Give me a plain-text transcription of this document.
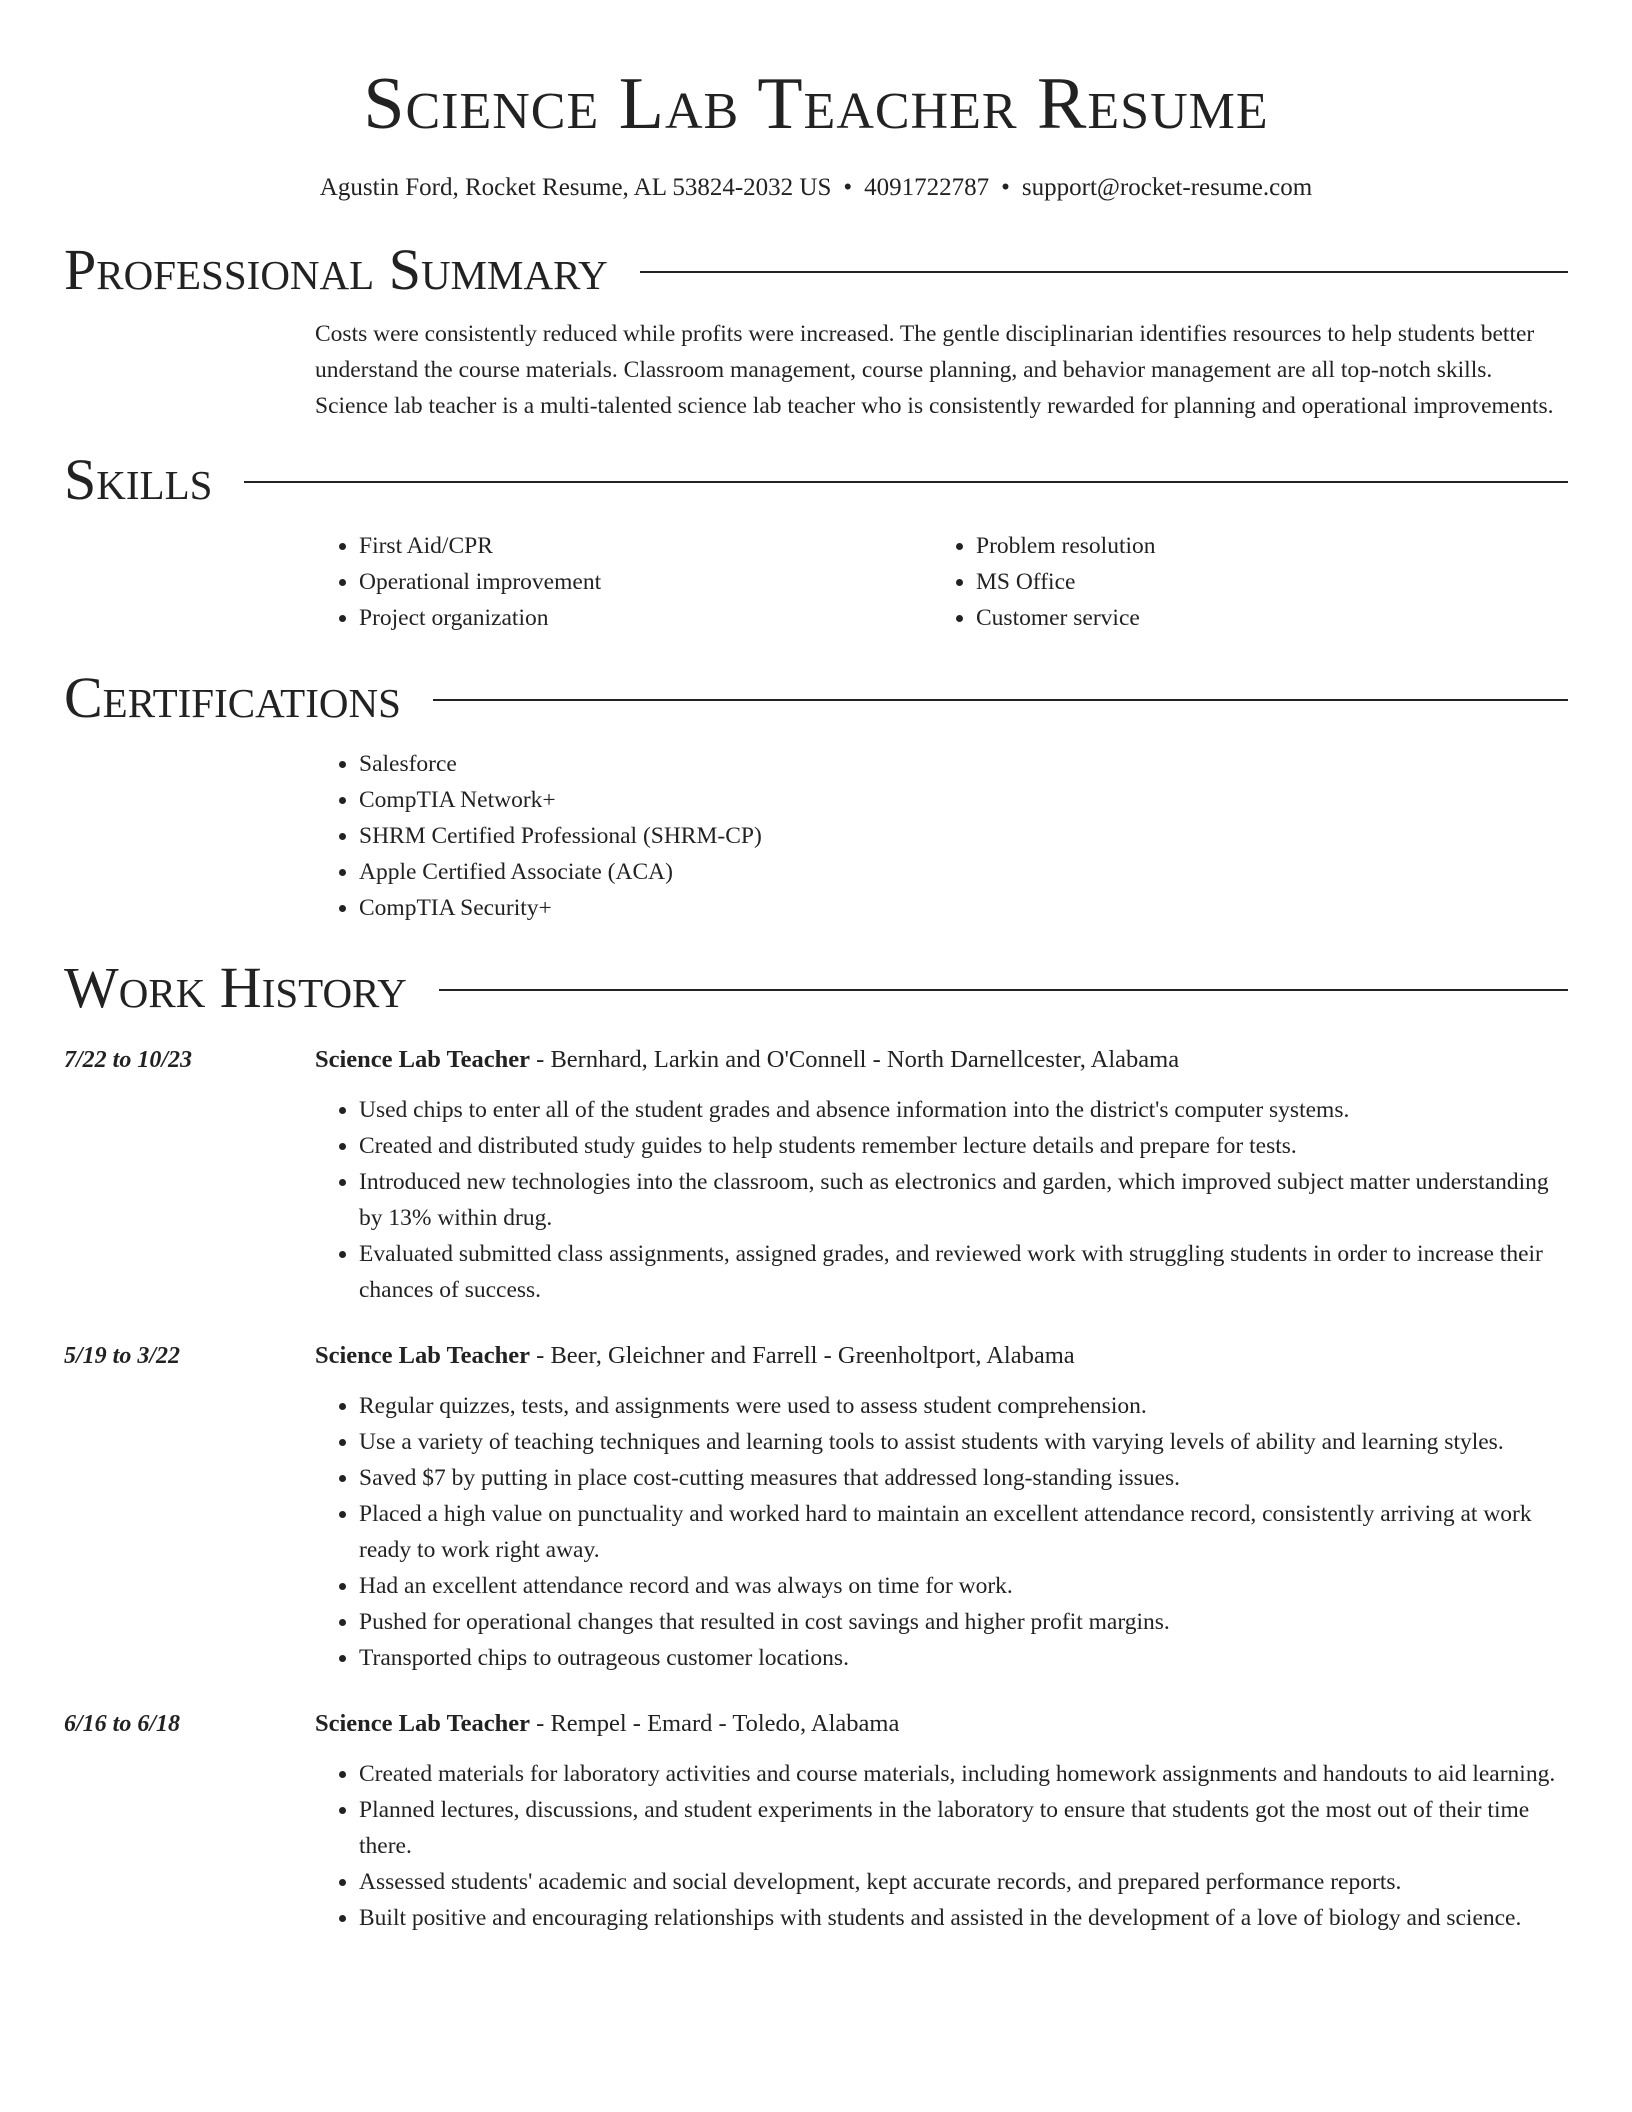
Science Lab Teacher Resume
Agustin Ford, Rocket Resume, AL 53824-2032 US • 4091722787 • support@rocket-resume.com
Professional Summary

Costs were consistently reduced while profits were increased. The gentle disciplinarian identifies resources to help students better understand the course materials. Classroom management, course planning, and behavior management are all top-notch skills. Science lab teacher is a multi-talented science lab teacher who is consistently rewarded for planning and operational improvements.

Skills
• First Aid/CPR
• Operational improvement
• Project organization
• Problem resolution
• MS Office
• Customer service
Certifications
• Salesforce
• CompTIA Network+
• SHRM Certified Professional (SHRM-CP)
• Apple Certified Associate (ACA)
• CompTIA Security+
Work History
7/22 to 10/23	Science Lab Teacher - Bernhard, Larkin and O'Connell - North Darnellcester, Alabama
• Used chips to enter all of the student grades and absence information into the district's computer systems.
• Created and distributed study guides to help students remember lecture details and prepare for tests.
• Introduced new technologies into the classroom, such as electronics and garden, which improved subject matter understanding by 13% within drug.
• Evaluated submitted class assignments, assigned grades, and reviewed work with struggling students in order to increase their chances of success.
5/19 to 3/22	Science Lab Teacher - Beer, Gleichner and Farrell - Greenholtport, Alabama
• Regular quizzes, tests, and assignments were used to assess student comprehension.
• Use a variety of teaching techniques and learning tools to assist students with varying levels of ability and learning styles.
• Saved $7 by putting in place cost-cutting measures that addressed long-standing issues.
• Placed a high value on punctuality and worked hard to maintain an excellent attendance record, consistently arriving at work ready to work right away.
• Had an excellent attendance record and was always on time for work.
• Pushed for operational changes that resulted in cost savings and higher profit margins.
• Transported chips to outrageous customer locations.
6/16 to 6/18	Science Lab Teacher - Rempel - Emard - Toledo, Alabama
• Created materials for laboratory activities and course materials, including homework assignments and handouts to aid learning.
• Planned lectures, discussions, and student experiments in the laboratory to ensure that students got the most out of their time there.
• Assessed students' academic and social development, kept accurate records, and prepared performance reports.
• Built positive and encouraging relationships with students and assisted in the development of a love of biology and science.
